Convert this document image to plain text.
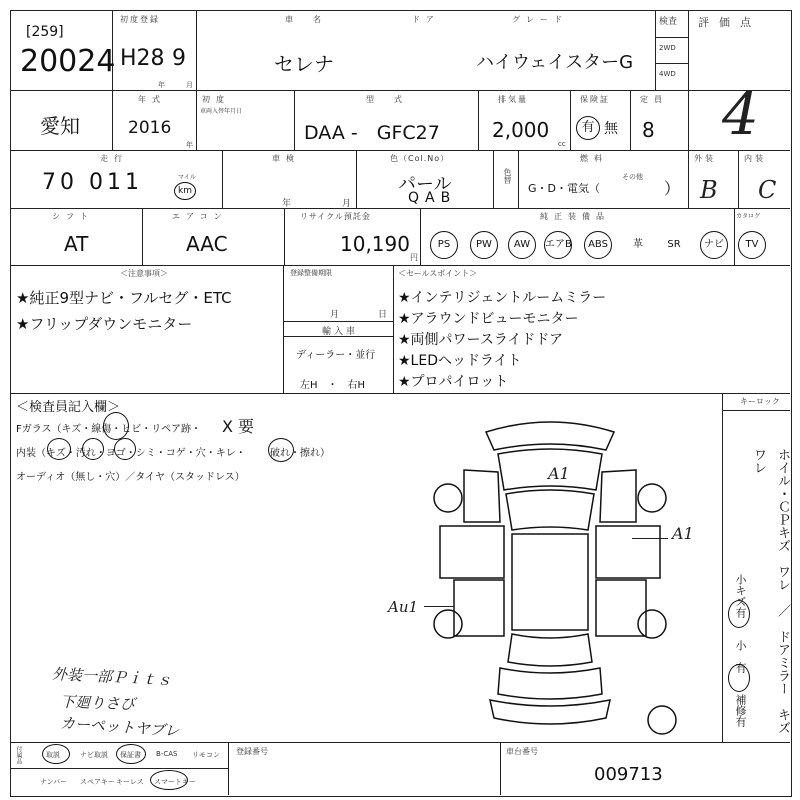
[259]
20024
初度登録
H28 9
年	月
車　名	ドア	グレード
セレナ	ハイウェイスターG
検査
2WD
4WD
評価点
4
愛知
年式
2016
年
初度
車両入替年月日
型　式
DAA -　GFC27
排気量
2,000
cc
保険証
有 無
定員
8
走行
70 011	km
マイル
車検
年	月
色（Col.No）
パール
QAB
色替
燃料
G・D・電気（
その他
）
外装
B
内装
C
シフト
AT
エアコン
AAC
リサイクル預託金
10,190
円
純正装備品	カタログ
PS	PW	AW	エアB	ABS	革	SR	ナビ	TV
＜注意事項＞
★純正9型ナビ・フルセグ・ETC
★フリップダウンモニター
登録整備期限
月	日
輸入車
ディーラー・並行
左H　・　右H
＜セールスポイント＞
★インテリジェントルームミラー
★アラウンドビューモニター
★両側パワースライドドア
★LEDヘッドライト
★プロパイロット
＜検査員記入欄＞
Fガラス（キズ・線傷・ヒビ・リペア跡・ X 要
内装（キズ・汚れ・ヨゴ・シミ・コゲ・穴・キレ・ 破れ・擦れ）
オーディオ（無し・穴）／タイヤ（スタッドレス）
キーロック
外装一部Ｐｉｔｓ
下廻りさび
カーペットヤブレ
A1
A1
Au1	ホイル・ＣＰキズ　ワレ　／　ドアミラー　キズ　ワレ
小キズ有
小　有
補修有
取説	ナビ取説 保証書 B-CAS リモコン
ナンバー スペアキー キーレス スマートキー
付属品	登録番号	車台番号
009713
